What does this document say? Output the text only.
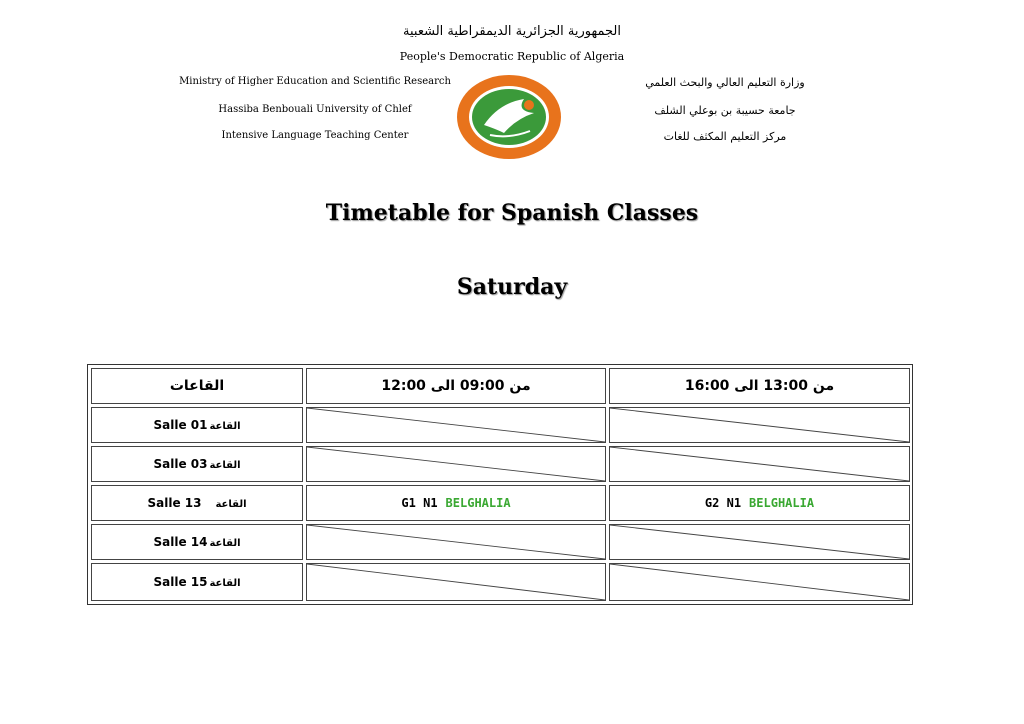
الجمهورية الجزائرية الديمقراطية الشعبية
People's Democratic Republic of Algeria
Ministry of Higher Education and Scientific Research
Hassiba Benbouali University of Chlef
Intensive Language Teaching Center
وزارة التعليم العالي والبحث العلمي
جامعة حسيبة بن بوعلي الشلف
مركز التعليم المكثف للغات
Timetable for Spanish Classes
Saturday
القاعات	من 09:00 الى 12:00	من 13:00 الى 16:00
Salle 01 القاعة
Salle 03 القاعة
Salle 13 القاعة	G1 N1 BELGHALIA	G2 N1 BELGHALIA
Salle 14 القاعة
Salle 15 القاعة
